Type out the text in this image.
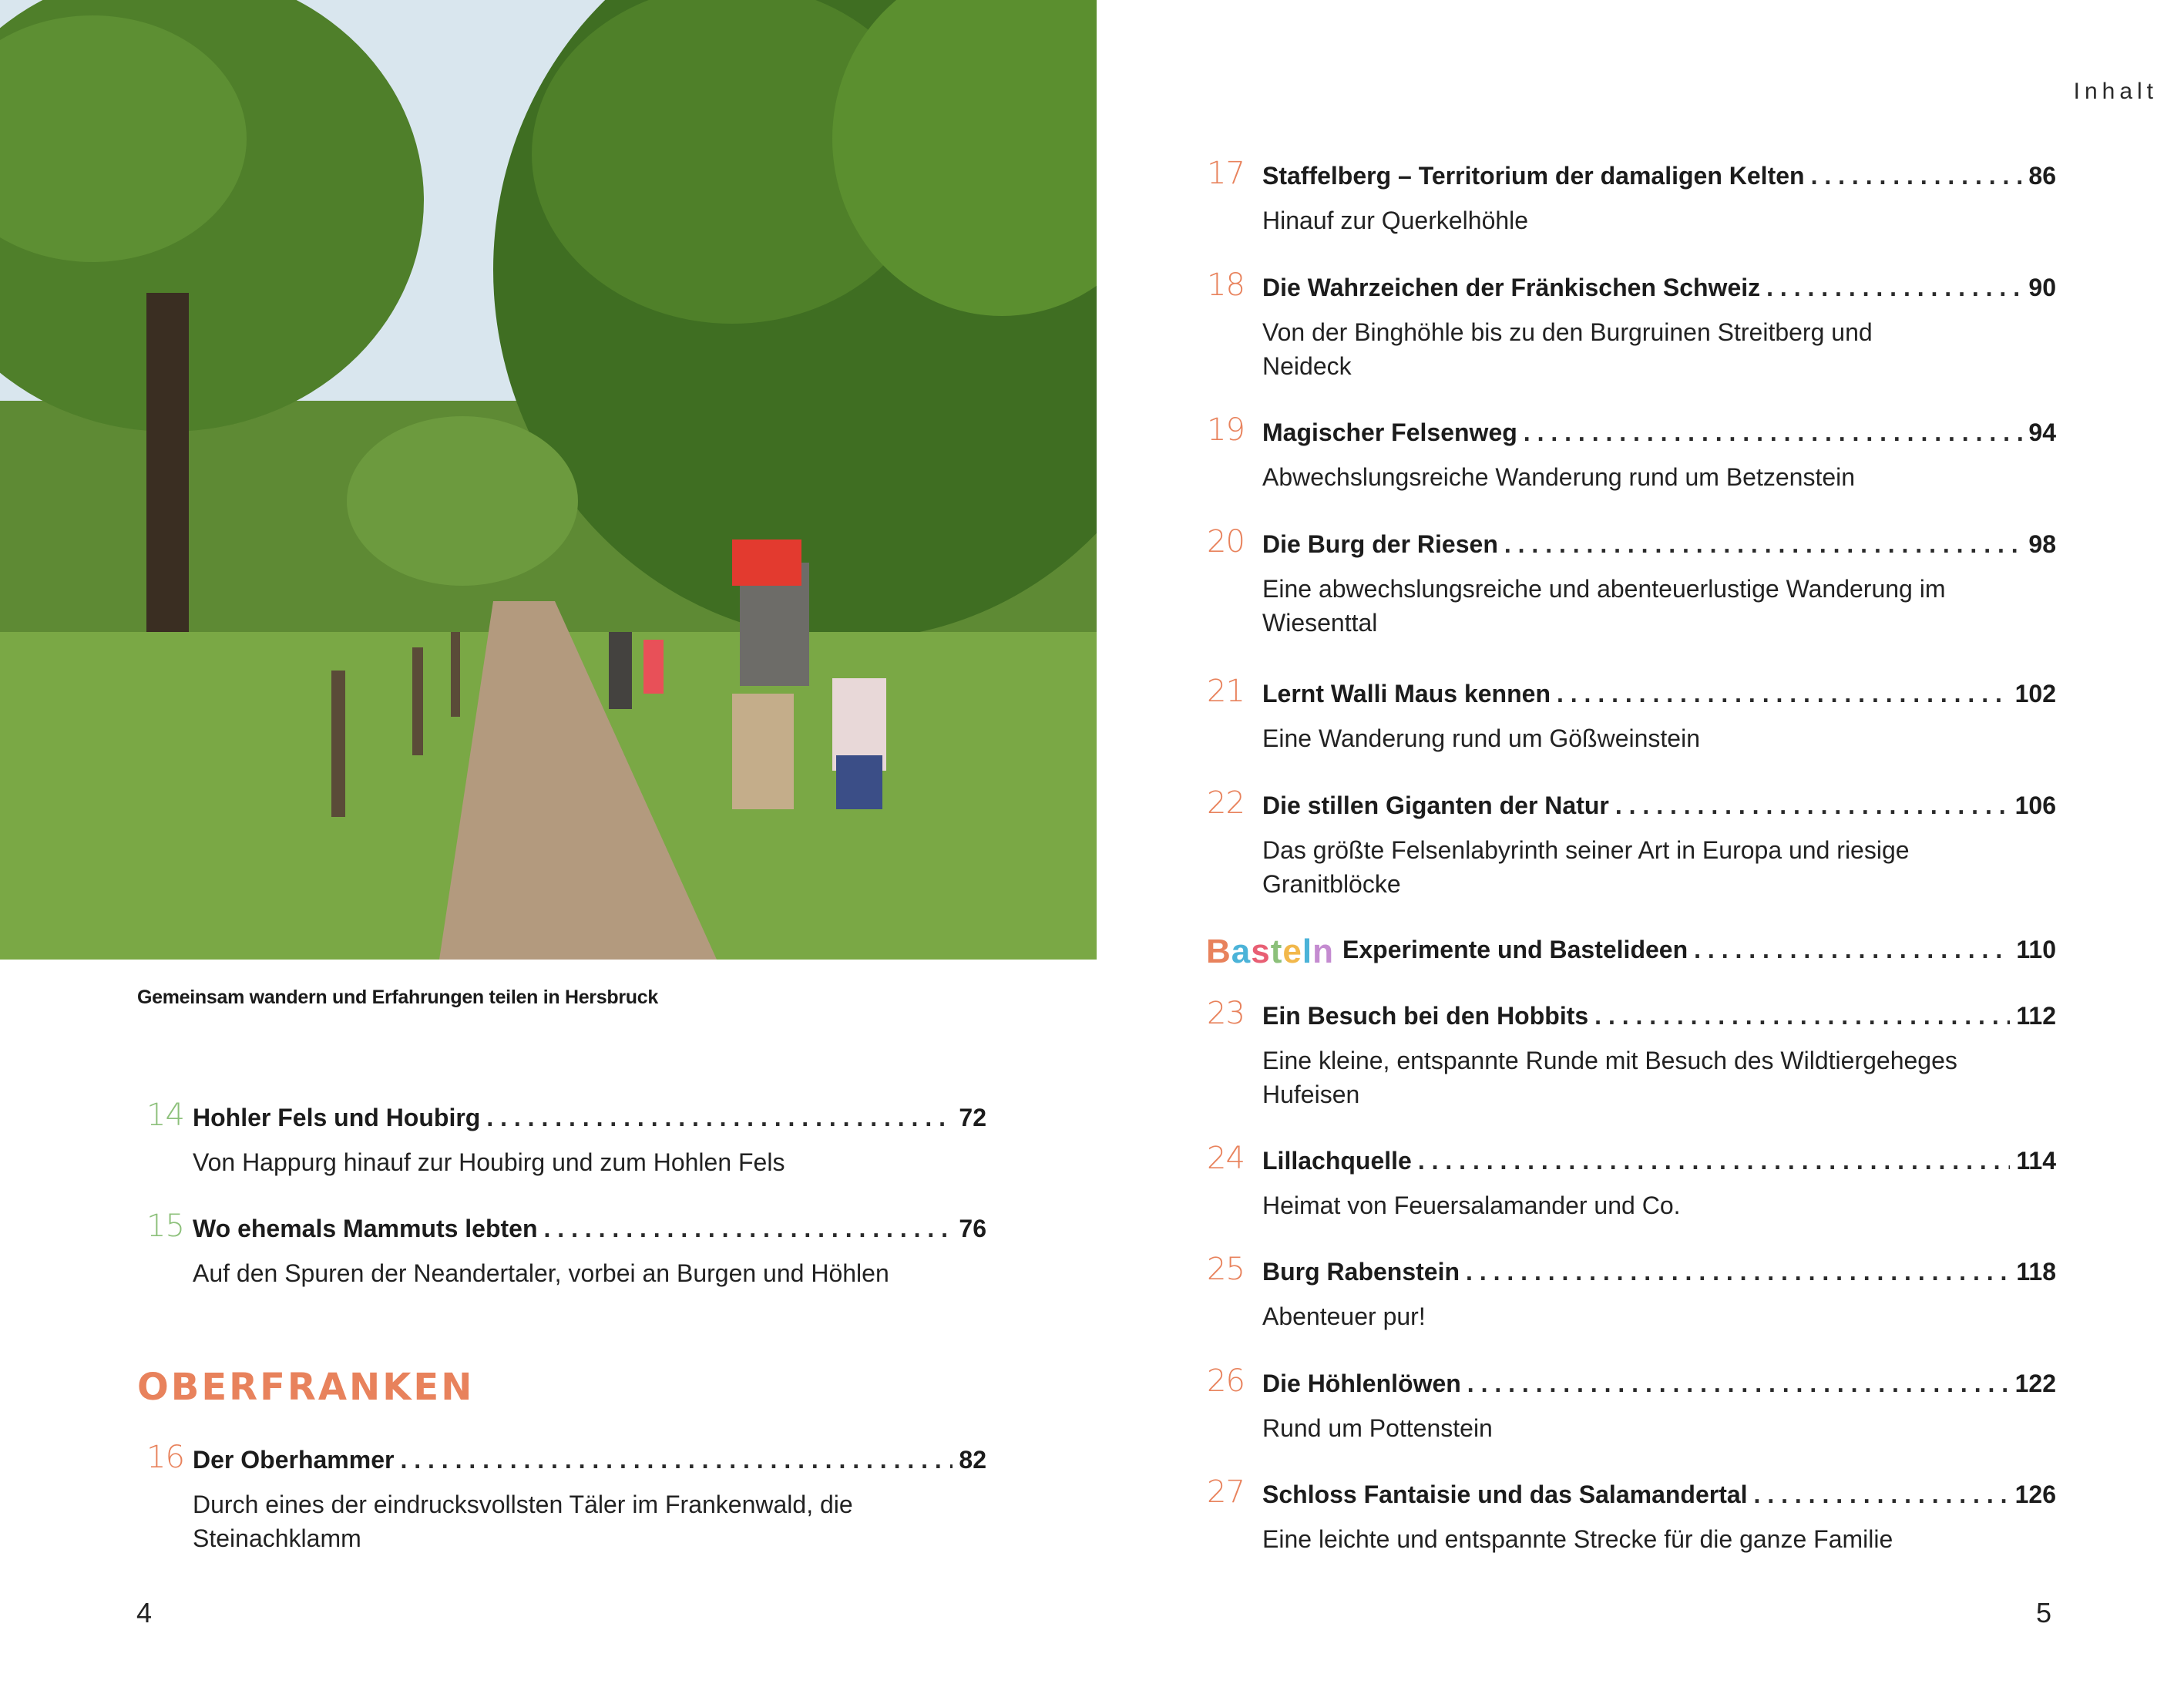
Gemeinsam wandern und Erfahrungen teilen in Hersbruck
Inhalt
14 Hohler Fels und Houbirg . . .	72
Von Happurg hinauf zur Houbirg und zum Hohlen Fels
15 Wo ehemals Mammuts lebten . . .	76
Auf den Spuren der Neandertaler, vorbei an Burgen und Höhlen
OBERFRANKEN
16 Der Oberhammer . . .	82
Durch eines der eindrucksvollsten Täler im Frankenwald, die Steinachklamm
17 Staffelberg – Territorium der damaligen Kelten . . .	86
Hinauf zur Querkelhöhle
18 Die Wahrzeichen der Fränkischen Schweiz . . .	90
Von der Binghöhle bis zu den Burgruinen Streitberg und Neideck
19 Magischer Felsenweg . . .	94
Abwechslungsreiche Wanderung rund um Betzenstein
20 Die Burg der Riesen . . .	98
Eine abwechslungsreiche und abenteuerlustige Wanderung im Wiesenttal
21 Lernt Walli Maus kennen . . .	102
Eine Wanderung rund um Gößweinstein
22 Die stillen Giganten der Natur . . .	106
Das größte Felsenlabyrinth seiner Art in Europa und riesige Granitblöcke
Basteln Experimente und Bastelideen . . .	110
23 Ein Besuch bei den Hobbits . . .	112
Eine kleine, entspannte Runde mit Besuch des Wildtiergeheges Hufeisen
24 Lillachquelle . . .	114
Heimat von Feuersalamander und Co.
25 Burg Rabenstein . . .	118
Abenteuer pur!
26 Die Höhlenlöwen . . .	122
Rund um Pottenstein
27 Schloss Fantaisie und das Salamandertal . . .	126
Eine leichte und entspannte Strecke für die ganze Familie
4	5
